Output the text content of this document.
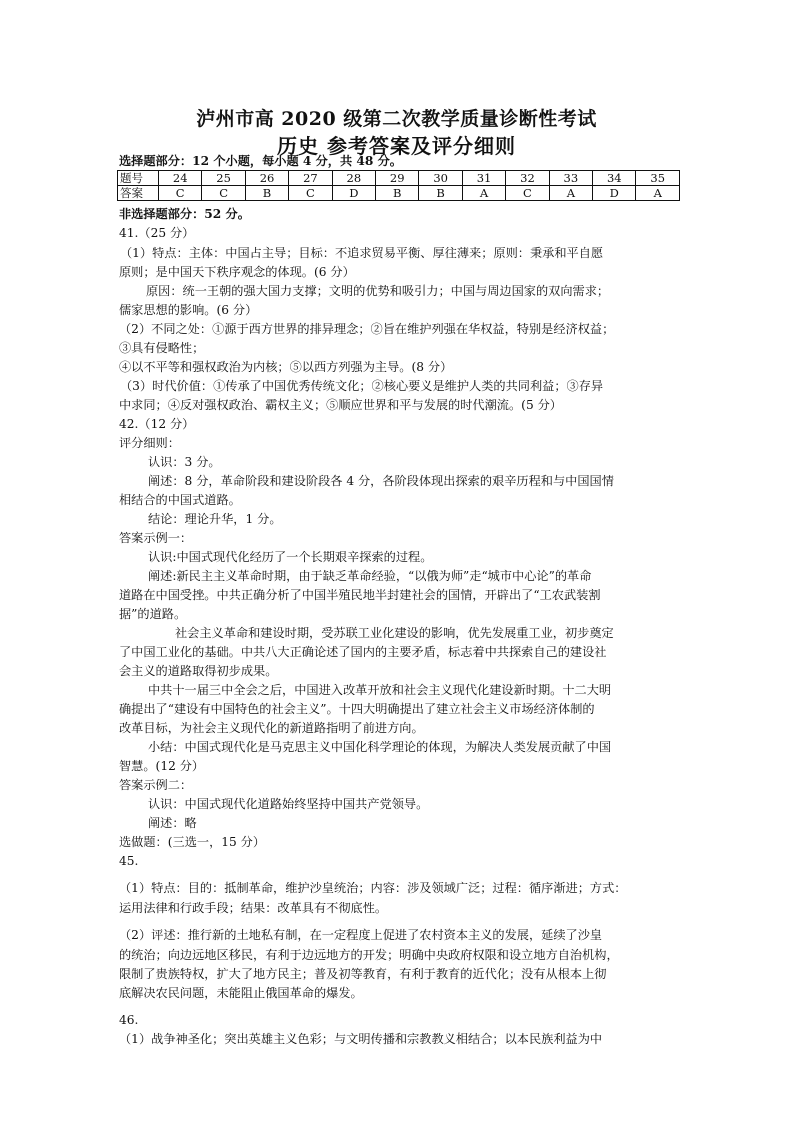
泸州市高 2020 级第二次教学质量诊断性考试
历史 参考答案及评分细则
选择题部分：12 个小题，每小题 4 分，共 48 分。
题号	24	25	26	27	28	29	30	31	32	33	34	35
答案	C	C	B	C	D	B	B	A	C	A	D	A
非选择题部分：52 分。
41.（25 分）
（1）特点：主体：中国占主导；目标：不追求贸易平衡、厚往薄来；原则：秉承和平自愿
原则；是中国天下秩序观念的体现。(6 分）
原因：统一王朝的强大国力支撑；文明的优势和吸引力；中国与周边国家的双向需求；
儒家思想的影响。(6 分）
（2）不同之处：①源于西方世界的排异理念；②旨在维护列强在华权益，特别是经济权益；
③具有侵略性；
④以不平等和强权政治为内核；⑤以西方列强为主导。(8 分）
（3）时代价值：①传承了中国优秀传统文化；②核心要义是维护人类的共同利益；③存异
中求同；④反对强权政治、霸权主义；⑤顺应世界和平与发展的时代潮流。(5 分）
42.（12 分）
评分细则：
认识：3 分。
阐述：8 分，革命阶段和建设阶段各 4 分，各阶段体现出探索的艰辛历程和与中国国情
相结合的中国式道路。
结论：理论升华，1 分。
答案示例一：
认识:中国式现代化经历了一个长期艰辛探索的过程。
阐述:新民主主义革命时期，由于缺乏革命经验，“以俄为师”走“城市中心论”的革命
道路在中国受挫。中共正确分析了中国半殖民地半封建社会的国情，开辟出了“工农武装割
据”的道路。
社会主义革命和建设时期，受苏联工业化建设的影响，优先发展重工业，初步奠定
了中国工业化的基础。中共八大正确论述了国内的主要矛盾，标志着中共探索自己的建设社
会主义的道路取得初步成果。
中共十一届三中全会之后，中国进入改革开放和社会主义现代化建设新时期。十二大明
确提出了“建设有中国特色的社会主义”。十四大明确提出了建立社会主义市场经济体制的
改革目标，为社会主义现代化的新道路指明了前进方向。
小结：中国式现代化是马克思主义中国化科学理论的体现，为解决人类发展贡献了中国
智慧。(12 分）
答案示例二：
认识：中国式现代化道路始终坚持中国共产党领导。
阐述：略
选做题：(三选一，15 分）
45.
（1）特点：目的：抵制革命，维护沙皇统治；内容：涉及领域广泛；过程：循序渐进；方式：
运用法律和行政手段；结果：改革具有不彻底性。
（2）评述：推行新的土地私有制，在一定程度上促进了农村资本主义的发展，延续了沙皇
的统治；向边远地区移民，有利于边远地方的开发；明确中央政府权限和设立地方自治机构，
限制了贵族特权，扩大了地方民主；普及初等教育，有利于教育的近代化；没有从根本上彻
底解决农民问题，未能阻止俄国革命的爆发。
46.
（1）战争神圣化；突出英雄主义色彩；与文明传播和宗教教义相结合；以本民族利益为中
